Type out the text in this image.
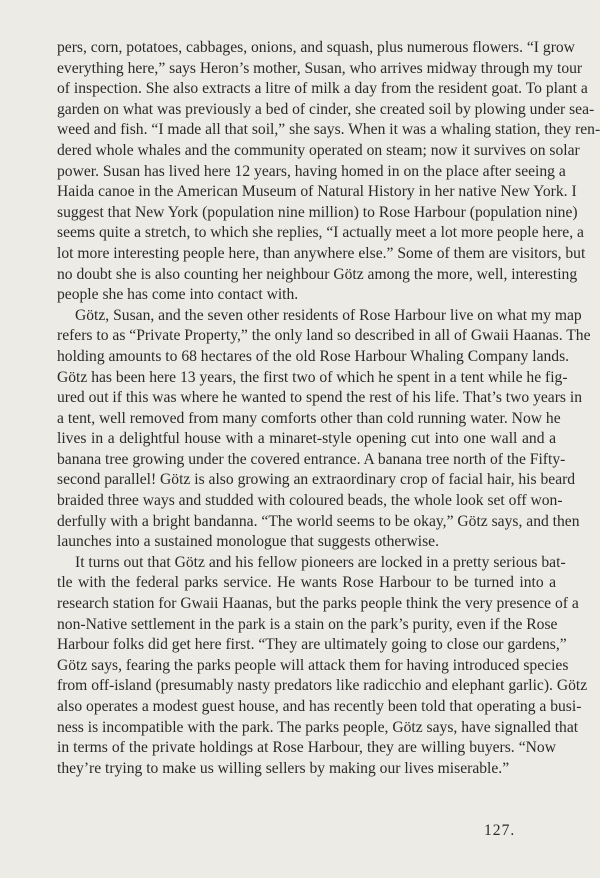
pers, corn, potatoes, cabbages, onions, and squash, plus numerous flowers. “I grow
everything here,” says Heron’s mother, Susan, who arrives midway through my tour
of inspection. She also extracts a litre of milk a day from the resident goat. To plant a
garden on what was previously a bed of cinder, she created soil by plowing under sea-
weed and fish. “I made all that soil,” she says. When it was a whaling station, they ren-
dered whole whales and the community operated on steam; now it survives on solar
power. Susan has lived here 12 years, having homed in on the place after seeing a
Haida canoe in the American Museum of Natural History in her native New York. I
suggest that New York (population nine million) to Rose Harbour (population nine)
seems quite a stretch, to which she replies, “I actually meet a lot more people here, a
lot more interesting people here, than anywhere else.” Some of them are visitors, but
no doubt she is also counting her neighbour Götz among the more, well, interesting
people she has come into contact with.
Götz, Susan, and the seven other residents of Rose Harbour live on what my map
refers to as “Private Property,” the only land so described in all of Gwaii Haanas. The
holding amounts to 68 hectares of the old Rose Harbour Whaling Company lands.
Götz has been here 13 years, the first two of which he spent in a tent while he fig-
ured out if this was where he wanted to spend the rest of his life. That’s two years in
a tent, well removed from many comforts other than cold running water. Now he
lives in a delightful house with a minaret-style opening cut into one wall and a
banana tree growing under the covered entrance. A banana tree north of the Fifty-
second parallel! Götz is also growing an extraordinary crop of facial hair, his beard
braided three ways and studded with coloured beads, the whole look set off won-
derfully with a bright bandanna. “The world seems to be okay,” Götz says, and then
launches into a sustained monologue that suggests otherwise.
It turns out that Götz and his fellow pioneers are locked in a pretty serious bat-
tle with the federal parks service. He wants Rose Harbour to be turned into a
research station for Gwaii Haanas, but the parks people think the very presence of a
non-Native settlement in the park is a stain on the park’s purity, even if the Rose
Harbour folks did get here first. “They are ultimately going to close our gardens,”
Götz says, fearing the parks people will attack them for having introduced species
from off-island (presumably nasty predators like radicchio and elephant garlic). Götz
also operates a modest guest house, and has recently been told that operating a busi-
ness is incompatible with the park. The parks people, Götz says, have signalled that
in terms of the private holdings at Rose Harbour, they are willing buyers. “Now
they’re trying to make us willing sellers by making our lives miserable.”
127.
